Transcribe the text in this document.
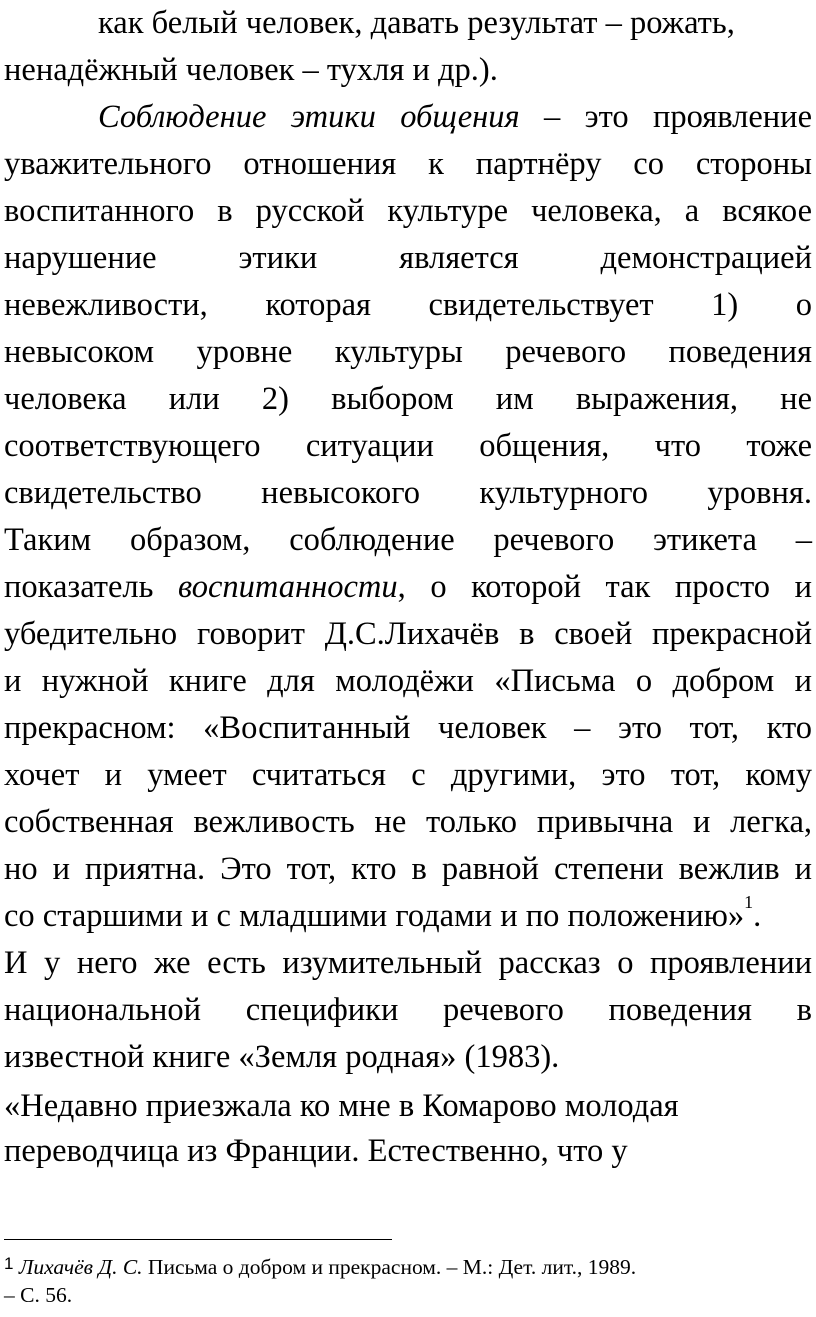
как белый человек, давать результат – рожать,
ненадёжный человек – тухля и др.).
Соблюдение этики общения – это проявление
уважительного отношения к партнёру со стороны
воспитанного в русской культуре человека, а всякое
нарушение этики является демонстрацией
невежливости, которая свидетельствует 1) о
невысоком уровне культуры речевого поведения
человека или 2) выбором им выражения, не
соответствующего ситуации общения, что тоже
свидетельство невысокого культурного уровня.
Таким образом, соблюдение речевого этикета –
показатель воспитанности, о которой так просто и
убедительно говорит Д.С.Лихачёв в своей прекрасной
и нужной книге для молодёжи «Письма о добром и
прекрасном: «Воспитанный человек – это тот, кто
хочет и умеет считаться с другими, это тот, кому
собственная вежливость не только привычна и легка,
но и приятна. Это тот, кто в равной степени вежлив и
со старшими и с младшими годами и по положению»$^1$.
И у него же есть изумительный рассказ о проявлении
национальной специфики речевого поведения в
известной книге «Земля родная» (1983).
«Недавно приезжала ко мне в Комарово молодая
переводчица из Франции. Естественно, что у
$^1$ Лихачёв Д. С. Письма о добром и прекрасном. – М.: Дет. лит., 1989.
– С. 56.
